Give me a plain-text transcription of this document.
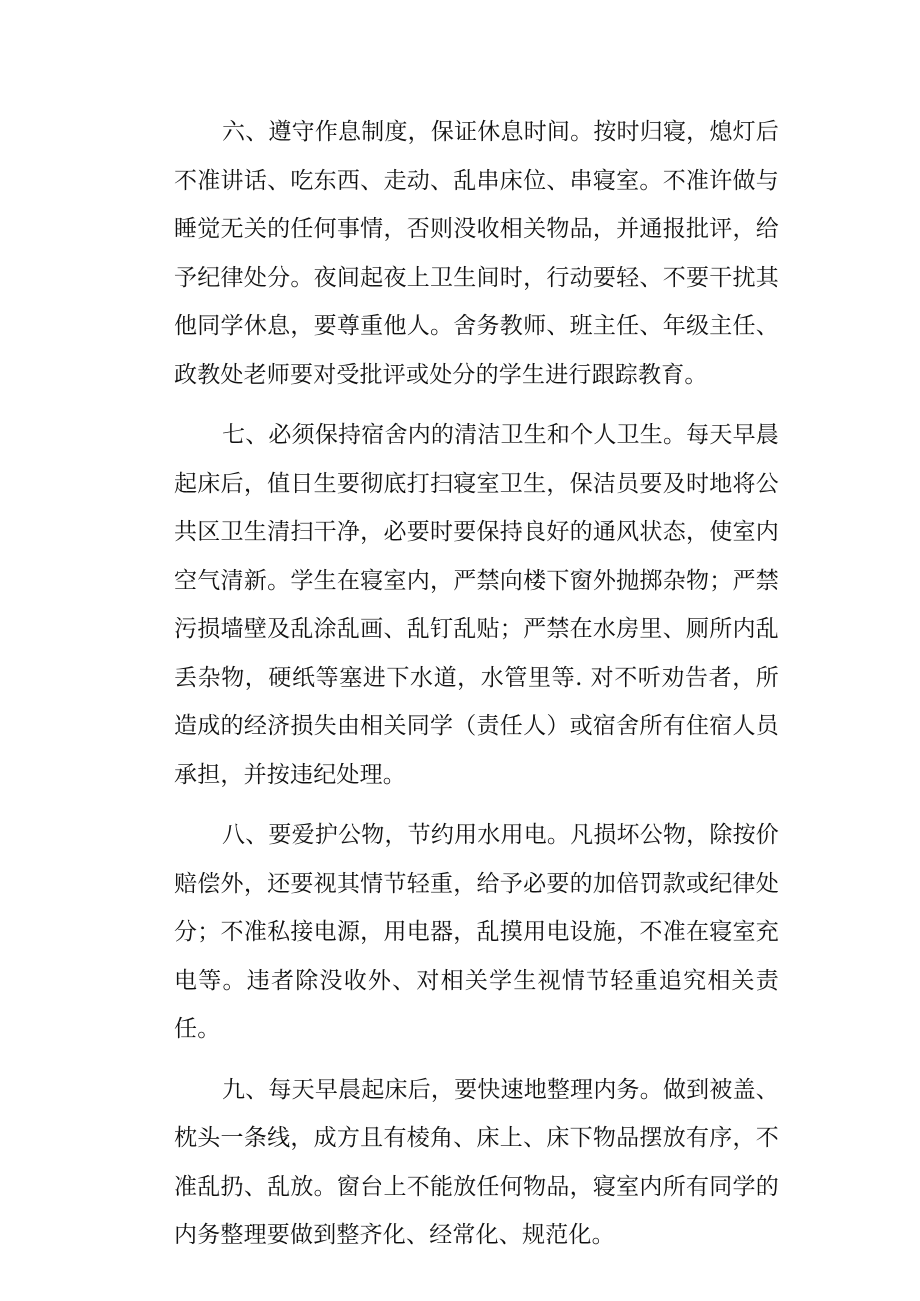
六、遵守作息制度，保证休息时间。按时归寝，熄灯后不准讲话、吃东西、走动、乱串床位、串寝室。不准许做与睡觉无关的任何事情，否则没收相关物品，并通报批评，给予纪律处分。夜间起夜上卫生间时，行动要轻、不要干扰其他同学休息，要尊重他人。舍务教师、班主任、年级主任、政教处老师要对受批评或处分的学生进行跟踪教育。

七、必须保持宿舍内的清洁卫生和个人卫生。每天早晨起床后，值日生要彻底打扫寝室卫生，保洁员要及时地将公共区卫生清扫干净，必要时要保持良好的通风状态，使室内空气清新。学生在寝室内，严禁向楼下窗外抛掷杂物；严禁污损墙壁及乱涂乱画、乱钉乱贴；严禁在水房里、厕所内乱丢杂物，硬纸等塞进下水道，水管里等. 对不听劝告者，所造成的经济损失由相关同学（责任人）或宿舍所有住宿人员承担，并按违纪处理。

八、要爱护公物，节约用水用电。凡损坏公物，除按价赔偿外，还要视其情节轻重，给予必要的加倍罚款或纪律处分；不准私接电源，用电器，乱摸用电设施，不准在寝室充电等。违者除没收外、对相关学生视情节轻重追究相关责任。

九、每天早晨起床后，要快速地整理内务。做到被盖、枕头一条线，成方且有棱角、床上、床下物品摆放有序，不准乱扔、乱放。窗台上不能放任何物品，寝室内所有同学的内务整理要做到整齐化、经常化、规范化。
